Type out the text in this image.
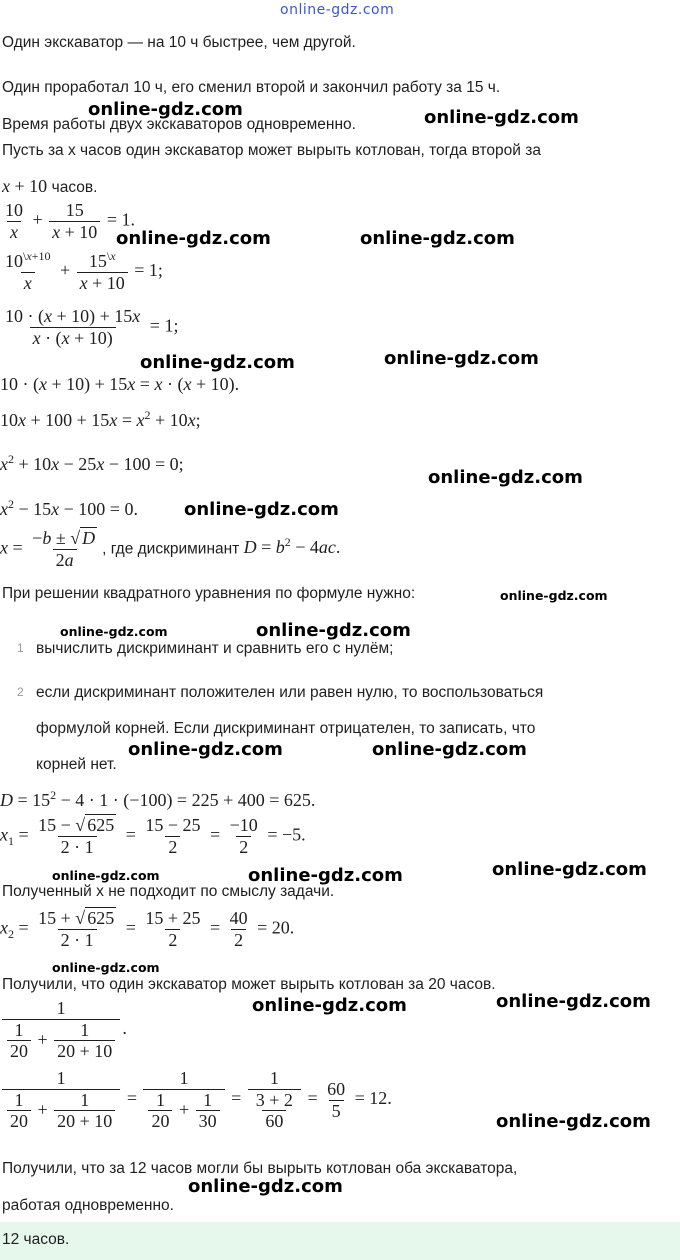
online-gdz.com
Один экскаватор — на 10 ч быстрее, чем другой.
Один проработал 10 ч, его сменил второй и закончил работу за 15 ч.
Время работы двух экскаваторов одновременно.
Пусть за x часов один экскаватор может вырыть котлован, тогда второй за
x + 10 часов.
$\frac{10}{x} + \frac{15}{x + 10} = 1$.
$\frac{10^{\backslash x+10}}{x} + \frac{15^{\backslash x}}{x + 10} = 1$;
$\frac{10 \cdot (x + 10) + 15x}{x \cdot (x + 10)} = 1$;
10 · (x + 10) + 15x = x · (x + 10).
$10x + 100 + 15x = x^2 + 10x$;
$x^2 + 10x - 25x - 100 = 0$;
$x^2 - 15x - 100 = 0$.
$x = \frac{-b \pm √ D}{2a}$ , где дискриминант $D = b^2 - 4ac$.
При решении квадратного уравнения по формуле нужно:
1 вычислить дискриминант и сравнить его с нулём;
2 если дискриминант положителен или равен нулю, то воспользоваться
формулой корней. Если дискриминант отрицателен, то записать, что
корней нет.
$D = 15^2 - 4 \cdot 1 \cdot (-100) = 225 + 400 = 625$.
$x_1 = \frac{15 - √ 625}{2 \cdot 1} = \frac{15 - 25}{2} = \frac{-10}{2} = -5$.
Полученный x не подходит по смыслу задачи.
$x_2 = \frac{15 + √ 625}{2 \cdot 1} = \frac{15 + 25}{2} = \frac{40}{2} = 20$.
Получили, что один экскаватор может вырыть котлован за 20 часов.
$\frac{1}{\frac{1}{20} + \frac{1}{20 + 10}}$ .
$\frac{1}{\frac{1}{20} + \frac{1}{20 + 10}} = \frac{1}{\frac{1}{20} + \frac{1}{30}} = \frac{1}{\frac{3 + 2}{60}} = \frac{60}{5} = 12$.
Получили, что за 12 часов могли бы вырыть котлован оба экскаватора,
работая одновременно.
12 часов.
online-gdz.com	online-gdz.com
online-gdz.com	online-gdz.com
online-gdz.com	online-gdz.com
online-gdz.com
online-gdz.com
online-gdz.com
online-gdz.com	online-gdz.com
online-gdz.com	online-gdz.com
online-gdz.com	online-gdz.com	online-gdz.com
online-gdz.com
online-gdz.com	online-gdz.com
online-gdz.com
online-gdz.com
